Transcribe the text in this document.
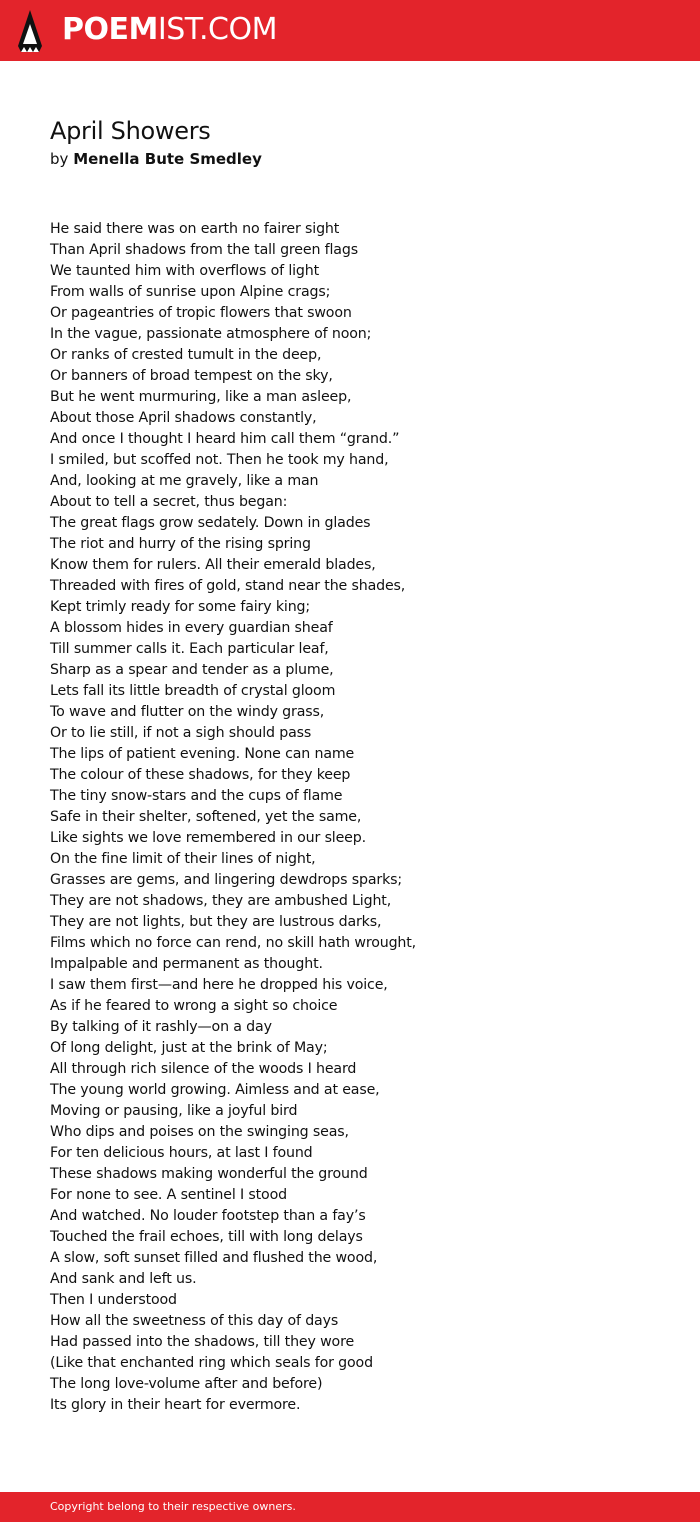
POEMIST.COM
April Showers
by Menella Bute Smedley
He said there was on earth no fairer sight
Than April shadows from the tall green flags
We taunted him with overflows of light
From walls of sunrise upon Alpine crags;
Or pageantries of tropic flowers that swoon
In the vague, passionate atmosphere of noon;
Or ranks of crested tumult in the deep,
Or banners of broad tempest on the sky,
But he went murmuring, like a man asleep,
About those April shadows constantly,
And once I thought I heard him call them “grand.”
I smiled, but scoffed not. Then he took my hand,
And, looking at me gravely, like a man
About to tell a secret, thus began:
The great flags grow sedately. Down in glades
The riot and hurry of the rising spring
Know them for rulers. All their emerald blades,
Threaded with fires of gold, stand near the shades,
Kept trimly ready for some fairy king;
A blossom hides in every guardian sheaf
Till summer calls it. Each particular leaf,
Sharp as a spear and tender as a plume,
Lets fall its little breadth of crystal gloom
To wave and flutter on the windy grass,
Or to lie still, if not a sigh should pass
The lips of patient evening. None can name
The colour of these shadows, for they keep
The tiny snow-stars and the cups of flame
Safe in their shelter, softened, yet the same,
Like sights we love remembered in our sleep.
On the fine limit of their lines of night,
Grasses are gems, and lingering dewdrops sparks;
They are not shadows, they are ambushed Light,
They are not lights, but they are lustrous darks,
Films which no force can rend, no skill hath wrought,
Impalpable and permanent as thought.
I saw them first—and here he dropped his voice,
As if he feared to wrong a sight so choice
By talking of it rashly—on a day
Of long delight, just at the brink of May;
All through rich silence of the woods I heard
The young world growing. Aimless and at ease,
Moving or pausing, like a joyful bird
Who dips and poises on the swinging seas,
For ten delicious hours, at last I found
These shadows making wonderful the ground
For none to see. A sentinel I stood
And watched. No louder footstep than a fay’s
Touched the frail echoes, till with long delays
A slow, soft sunset filled and flushed the wood,
And sank and left us.
Then I understood
How all the sweetness of this day of days
Had passed into the shadows, till they wore
(Like that enchanted ring which seals for good
The long love-volume after and before)
Its glory in their heart for evermore.
Copyright belong to their respective owners.
